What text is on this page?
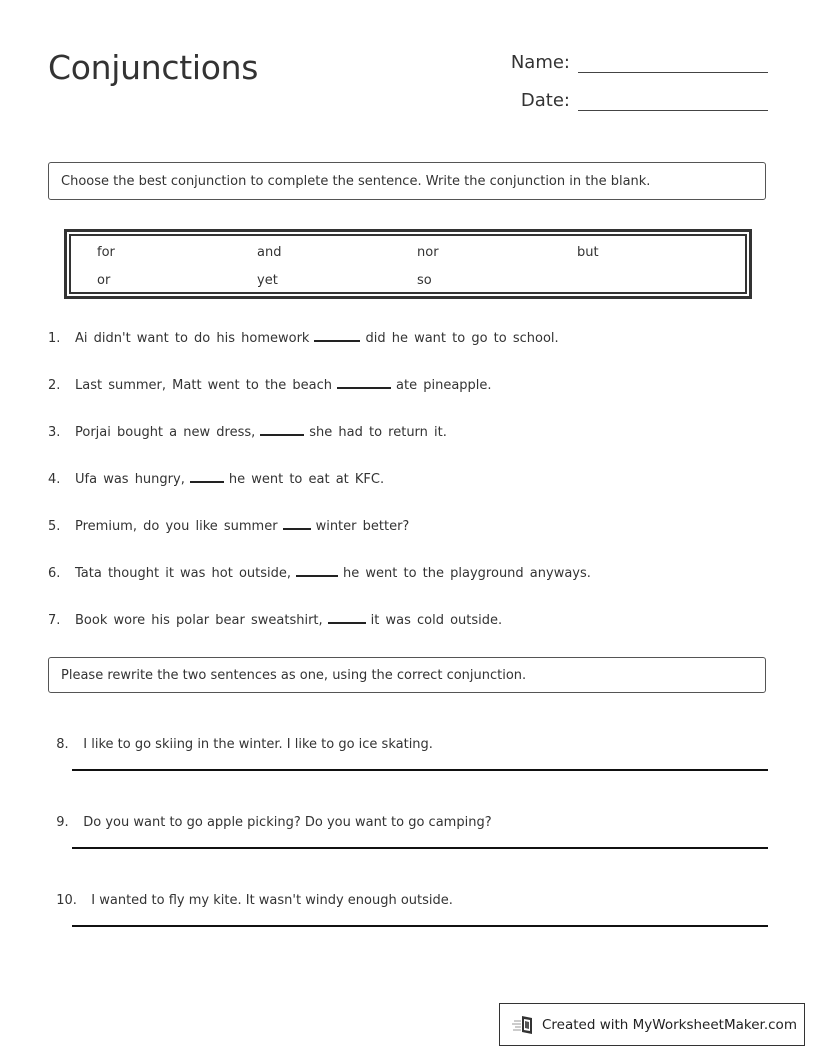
Conjunctions	Name:
Date:
Choose the best conjunction to complete the sentence. Write the conjunction in the blank.
for	and	nor	but
or	yet	so
1.	Ai didn't want to do his homework	did he want to go to school.
2.	Last summer, Matt went to the beach	ate pineapple.
3.	Porjai bought a new dress,	she had to return it.
4.	Ufa was hungry,	he went to eat at KFC.
5.	Premium, do you like summer	winter better?
6.	Tata thought it was hot outside,	he went to the playground anyways.
7.	Book wore his polar bear sweatshirt,	it was cold outside.
Please rewrite the two sentences as one, using the correct conjunction.

8. I like to go skiing in the winter. I like to go ice skating.

9. Do you want to go apple picking? Do you want to go camping?

10. I wanted to fly my kite. It wasn't windy enough outside.

Created with MyWorksheetMaker.com
